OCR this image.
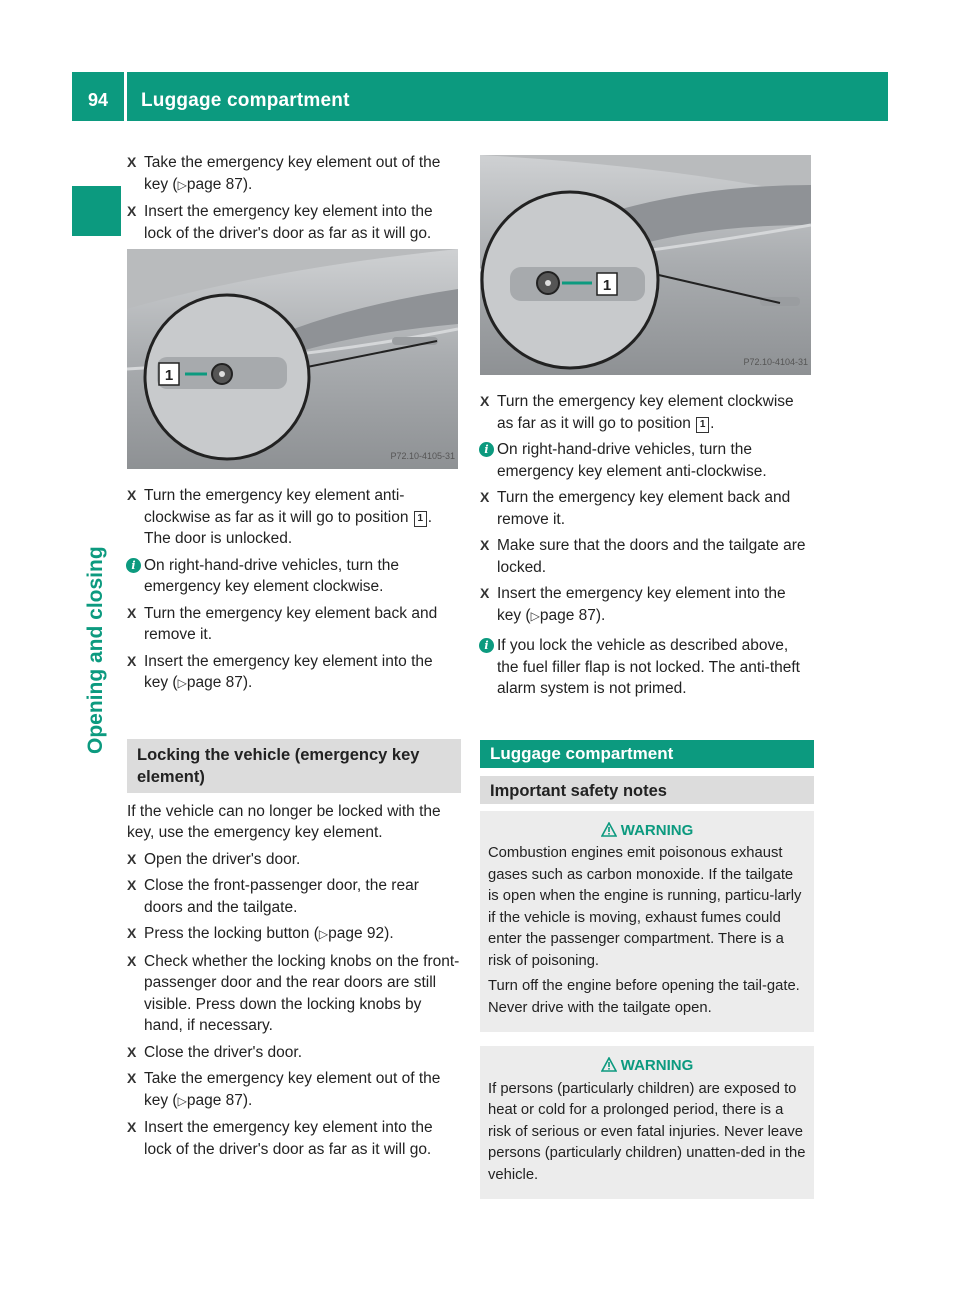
94	Luggage compartment
Opening and closing
X Take the emergency key element out of the key (▷page 87).
X Insert the emergency key element into the lock of the driver's door as far as it will go.
1
P72.10-4105-31
X Turn the emergency key element anti-clockwise as far as it will go to position 1 . The door is unlocked.
i On right-hand-drive vehicles, turn the emergency key element clockwise.
X Turn the emergency key element back and remove it.
X Insert the emergency key element into the key (▷page 87).
Locking the vehicle (emergency key element)
If the vehicle can no longer be locked with the key, use the emergency key element.
X Open the driver's door.
X Close the front-passenger door, the rear doors and the tailgate.
X Press the locking button (▷page 92).
X Check whether the locking knobs on the front-passenger door and the rear doors are still visible. Press down the locking knobs by hand, if necessary.
X Close the driver's door.
X Take the emergency key element out of the key (▷page 87).
X Insert the emergency key element into the lock of the driver's door as far as it will go.
1
P72.10-4104-31
X Turn the emergency key element clockwise as far as it will go to position 1 .
i On right-hand-drive vehicles, turn the emergency key element anti-clockwise.
X Turn the emergency key element back and remove it.
X Make sure that the doors and the tailgate are locked.
X Insert the emergency key element into the key (▷page 87).
i If you lock the vehicle as described above, the fuel filler flap is not locked. The anti-theft alarm system is not primed.
Luggage compartment
Important safety notes
WARNING

Combustion engines emit poisonous exhaust gases such as carbon monoxide. If the tailgate is open when the engine is running, particu-larly if the vehicle is moving, exhaust fumes could enter the passenger compartment. There is a risk of poisoning.

Turn off the engine before opening the tail-gate. Never drive with the tailgate open.

WARNING

If persons (particularly children) are exposed to heat or cold for a prolonged period, there is a risk of serious or even fatal injuries. Never leave persons (particularly children) unatten-ded in the vehicle.
